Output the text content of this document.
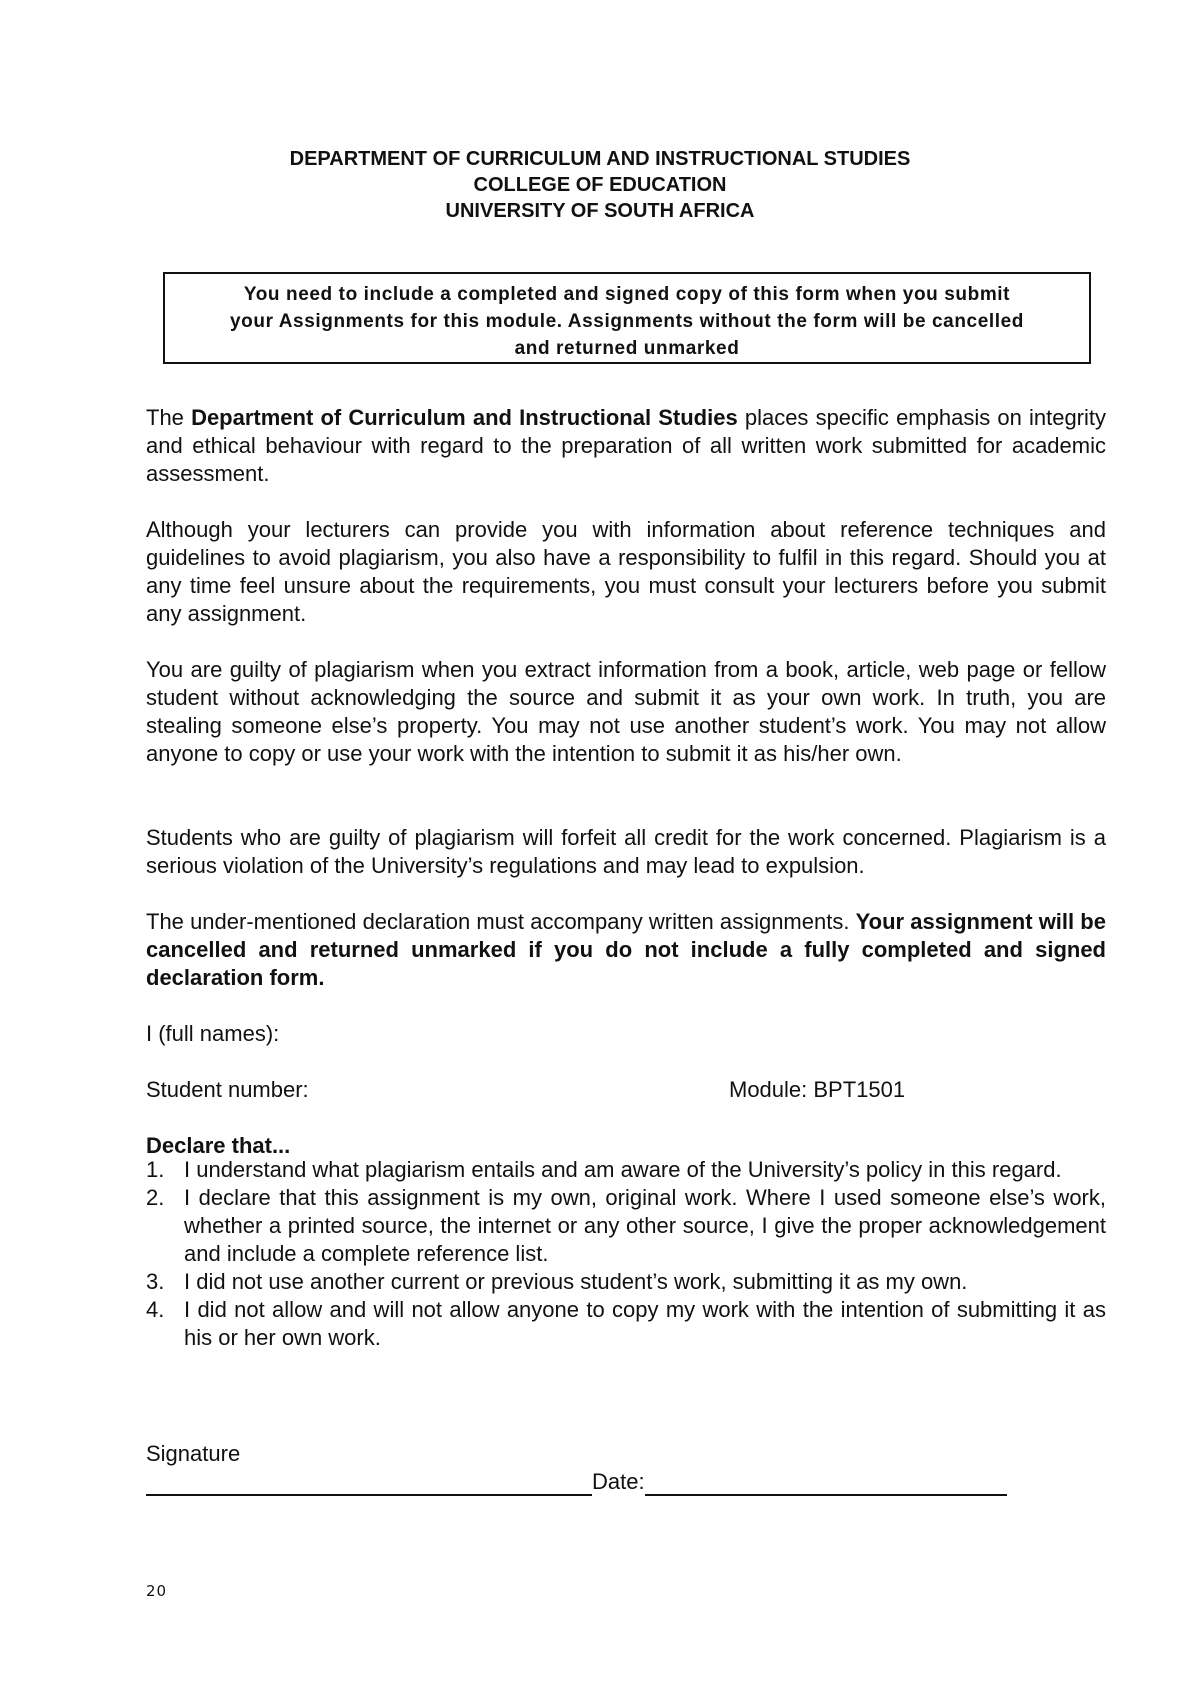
DEPARTMENT OF CURRICULUM AND INSTRUCTIONAL STUDIES
COLLEGE OF EDUCATION
UNIVERSITY OF SOUTH AFRICA
You need to include a completed and signed copy of this form when you submit
your Assignments for this module. Assignments without the form will be cancelled
and returned unmarked

The Department of Curriculum and Instructional Studies places specific emphasis on integrity and ethical behaviour with regard to the preparation of all written work submitted for academic assessment.

Although your lecturers can provide you with information about reference techniques and guidelines to avoid plagiarism, you also have a responsibility to fulfil in this regard. Should you at any time feel unsure about the requirements, you must consult your lecturers before you submit any assignment.

You are guilty of plagiarism when you extract information from a book, article, web page or fellow student without acknowledging the source and submit it as your own work. In truth, you are stealing someone else’s property. You may not use another student’s work. You may not allow anyone to copy or use your work with the intention to submit it as his/her own.

Students who are guilty of plagiarism will forfeit all credit for the work concerned. Plagiarism is a serious violation of the University’s regulations and may lead to expulsion.

The under-mentioned declaration must accompany written assignments. Your assignment will be cancelled and returned unmarked if you do not include a fully completed and signed declaration form.

I (full names):

Student number:	Module: BPT1501

Declare that...

1. I understand what plagiarism entails and am aware of the University’s policy in this regard.
2. I declare that this assignment is my own, original work. Where I used someone else’s work, whether a printed source, the internet or any other source, I give the proper acknowledgement and include a complete reference list.
3. I did not use another current or previous student’s work, submitting it as my own.
4. I did not allow and will not allow anyone to copy my work with the intention of submitting it as his or her own work.

Signature

Date:
20
